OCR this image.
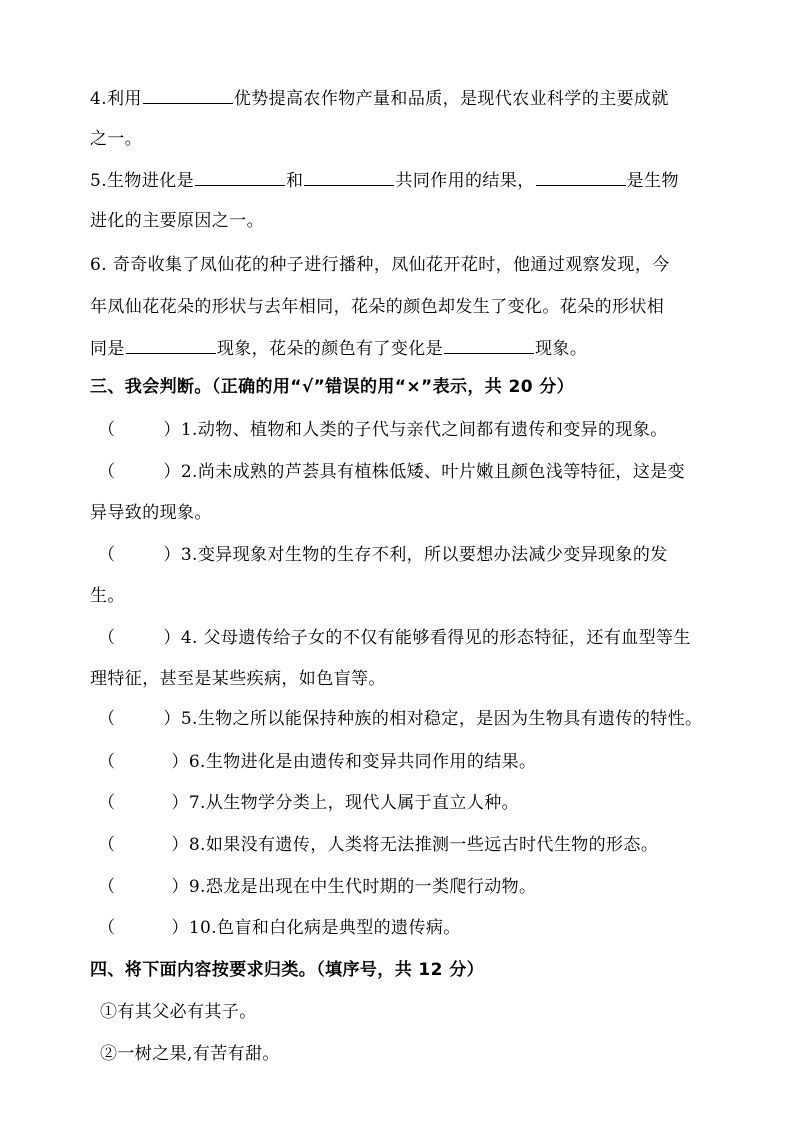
4.利用	优势提高农作物产量和品质，是现代农业科学的主要成就
之一。
5.生物进化是	和	共同作用的结果，	是生物
进化的主要原因之一。
6. 奇奇收集了凤仙花的种子进行播种，凤仙花开花时，他通过观察发现，今
年凤仙花花朵的形状与去年相同，花朵的颜色却发生了变化。花朵的形状相
同是	现象，花朵的颜色有了变化是	现象。
三、我会判断。（正确的用“√”错误的用“×”表示，共 20 分）
（	）1.动物、植物和人类的子代与亲代之间都有遗传和变异的现象。
（	）2.尚未成熟的芦荟具有植株低矮、叶片嫩且颜色浅等特征，这是变
异导致的现象。
（	）3.变异现象对生物的生存不利，所以要想办法减少变异现象的发
生。
（	）4. 父母遗传给子女的不仅有能够看得见的形态特征，还有血型等生
理特征，甚至是某些疾病，如色盲等。
（	）5.生物之所以能保持种族的相对稳定，是因为生物具有遗传的特性。
（	）6.生物进化是由遗传和变异共同作用的结果。
（	）7.从生物学分类上，现代人属于直立人种。
（	）8.如果没有遗传，人类将无法推测一些远古时代生物的形态。
（	）9.恐龙是出现在中生代时期的一类爬行动物。
（	）10.色盲和白化病是典型的遗传病。
四、将下面内容按要求归类。（填序号，共 12 分）
①有其父必有其子。
②一树之果,有苦有甜。
